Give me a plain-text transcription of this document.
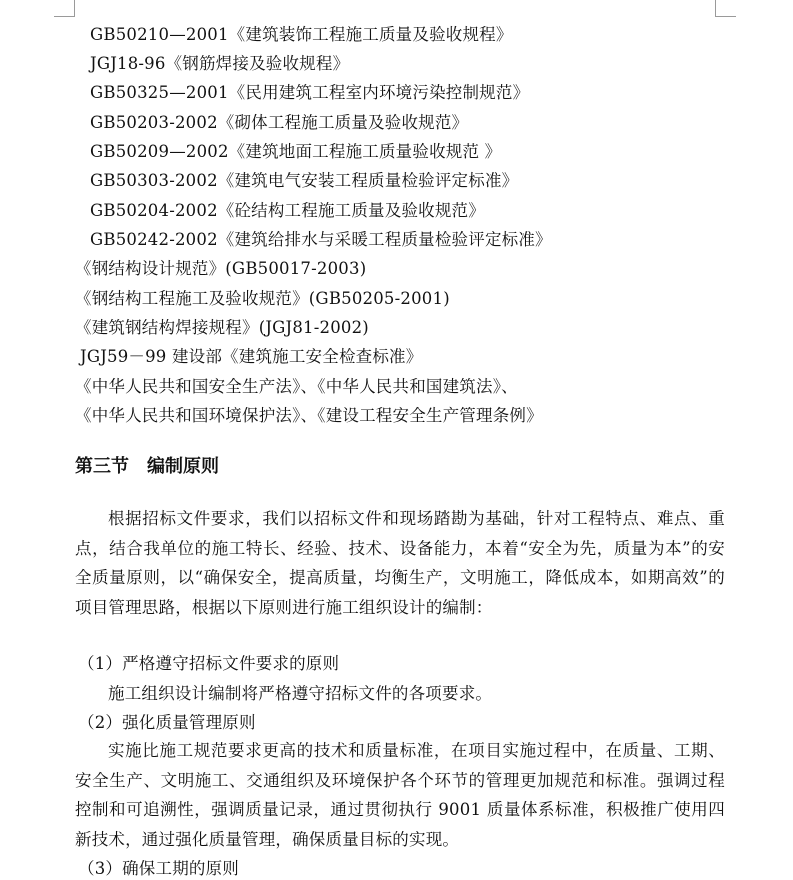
GB50210—2001《建筑装饰工程施工质量及验收规程》
JGJ18-96《钢筋焊接及验收规程》
GB50325—2001《民用建筑工程室内环境污染控制规范》
GB50203-2002《砌体工程施工质量及验收规范》
GB50209—2002《建筑地面工程施工质量验收规范 》
GB50303-2002《建筑电气安装工程质量检验评定标准》
GB50204-2002《砼结构工程施工质量及验收规范》
GB50242-2002《建筑给排水与采暖工程质量检验评定标准》
《钢结构设计规范》(GB50017-2003)
《钢结构工程施工及验收规范》(GB50205-2001)
《建筑钢结构焊接规程》(JGJ81-2002)
JGJ59－99 建设部《建筑施工安全检查标准》
《中华人民共和国安全生产法》、《中华人民共和国建筑法》、
《中华人民共和国环境保护法》、《建设工程安全生产管理条例》
第三节　编制原则
根据招标文件要求，我们以招标文件和现场踏勘为基础，针对工程特点、难点、重点，结合我单位的施工特长、经验、技术、设备能力，本着“安全为先，质量为本”的安全质量原则，以“确保安全，提高质量，均衡生产，文明施工，降低成本，如期高效”的项目管理思路，根据以下原则进行施工组织设计的编制：
（1）严格遵守招标文件要求的原则
施工组织设计编制将严格遵守招标文件的各项要求。
（2）强化质量管理原则
实施比施工规范要求更高的技术和质量标准，在项目实施过程中，在质量、工期、安全生产、文明施工、交通组织及环境保护各个环节的管理更加规范和标准。强调过程控制和可追溯性，强调质量记录，通过贯彻执行 9001 质量体系标准，积极推广使用四新技术，通过强化质量管理，确保质量目标的实现。
（3）确保工期的原则
